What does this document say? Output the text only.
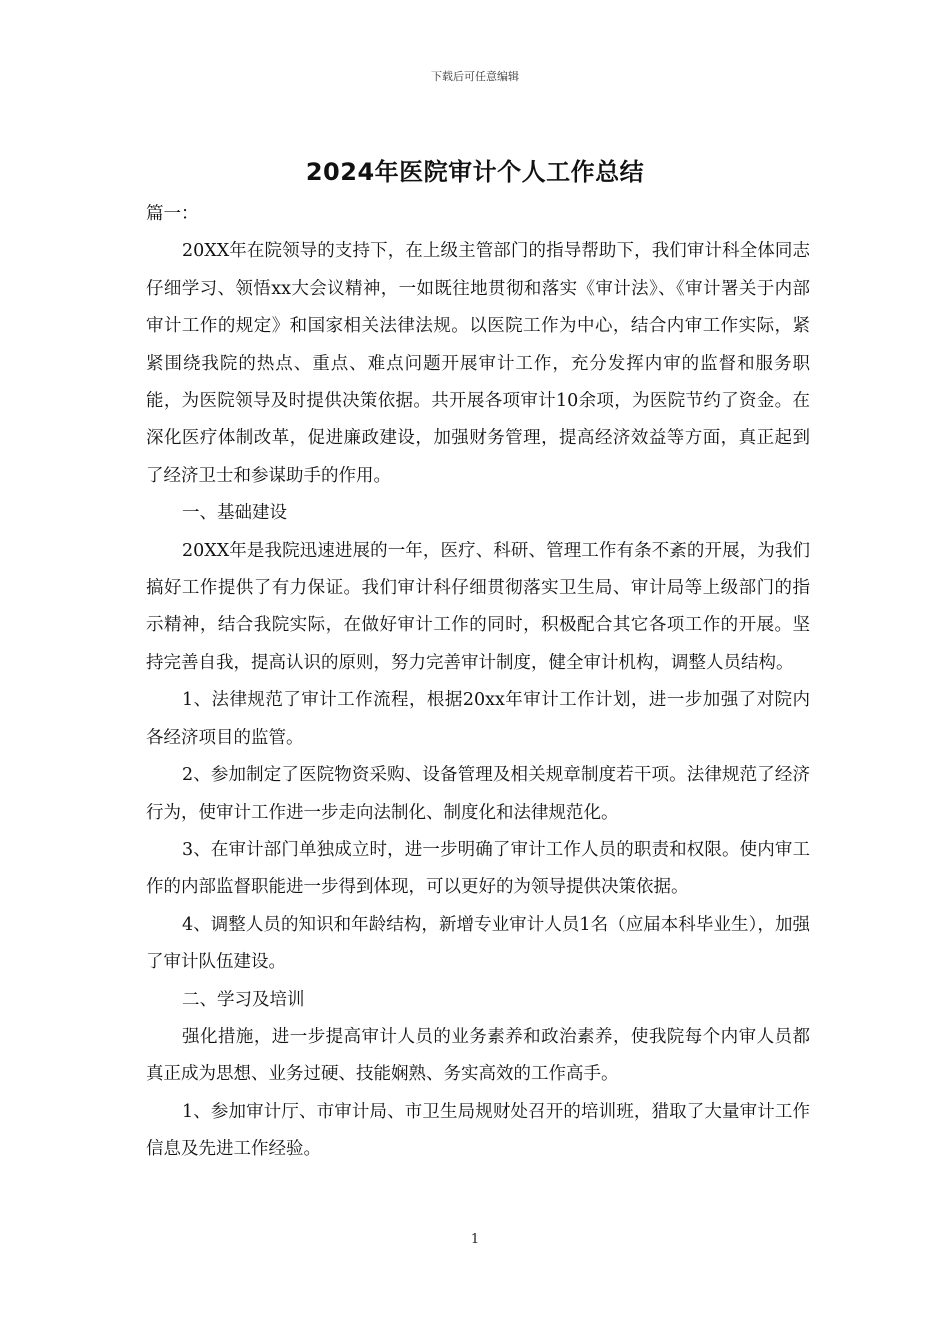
下载后可任意编辑
2024年医院审计个人工作总结

篇一：

20XX年在院领导的支持下，在上级主管部门的指导帮助下，我们审计科全体同志仔细学习、领悟xx大会议精神，一如既往地贯彻和落实《审计法》、《审计署关于内部审计工作的规定》和国家相关法律法规。以医院工作为中心，结合内审工作实际，紧紧围绕我院的热点、重点、难点问题开展审计工作，充分发挥内审的监督和服务职能，为医院领导及时提供决策依据。共开展各项审计10余项，为医院节约了资金。在深化医疗体制改革，促进廉政建设，加强财务管理，提高经济效益等方面，真正起到了经济卫士和参谋助手的作用。

一、基础建设

20XX年是我院迅速进展的一年，医疗、科研、管理工作有条不紊的开展，为我们搞好工作提供了有力保证。我们审计科仔细贯彻落实卫生局、审计局等上级部门的指示精神，结合我院实际，在做好审计工作的同时，积极配合其它各项工作的开展。坚持完善自我，提高认识的原则，努力完善审计制度，健全审计机构，调整人员结构。

1、法律规范了审计工作流程，根据20xx年审计工作计划，进一步加强了对院内各经济项目的监管。

2、参加制定了医院物资采购、设备管理及相关规章制度若干项。法律规范了经济行为，使审计工作进一步走向法制化、制度化和法律规范化。

3、在审计部门单独成立时，进一步明确了审计工作人员的职责和权限。使内审工作的内部监督职能进一步得到体现，可以更好的为领导提供决策依据。

4、调整人员的知识和年龄结构，新增专业审计人员1名（应届本科毕业生），加强了审计队伍建设。

二、学习及培训

强化措施，进一步提高审计人员的业务素养和政治素养，使我院每个内审人员都真正成为思想、业务过硬、技能娴熟、务实高效的工作高手。

1、参加审计厅、市审计局、市卫生局规财处召开的培训班，猎取了大量审计工作信息及先进工作经验。

1
